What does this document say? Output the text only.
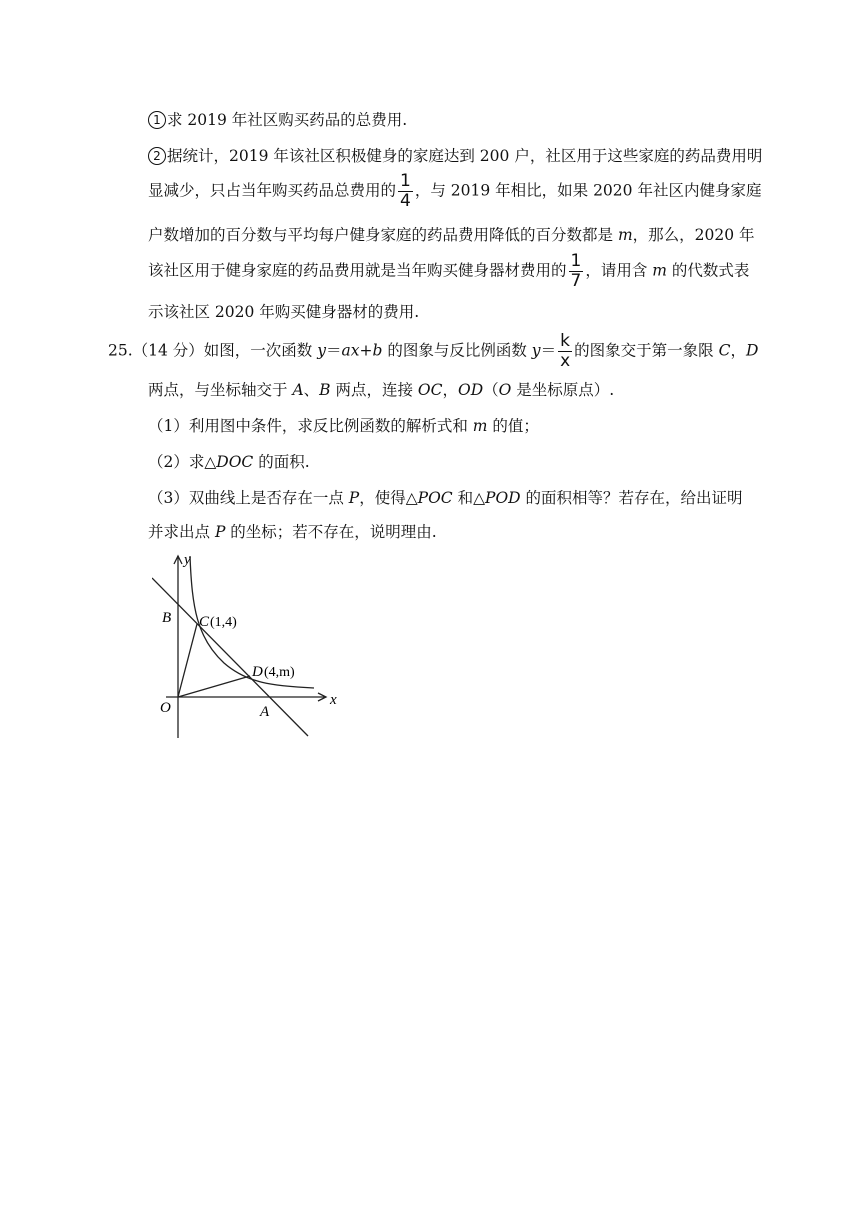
1 求 2019 年社区购买药品的总费用.
2 据统计，2019 年该社区积极健身的家庭达到 200 户，社区用于这些家庭的药品费用明
显减少，只占当年购买药品总费用的 $\frac{1}{4}$ ，与 2019 年相比，如果 2020 年社区内健身家庭
户数增加的百分数与平均每户健身家庭的药品费用降低的百分数都是 m，那么，2020 年
该社区用于健身家庭的药品费用就是当年购买健身器材费用的 $\frac{1}{7}$ ，请用含 m 的代数式表
示该社区 2020 年购买健身器材的费用.
25.（14 分）如图，一次函数 y＝ax+b 的图象与反比例函数 $y= \frac{k}{x}$ 的图象交于第一象限 C，D
两点，与坐标轴交于 A、B 两点，连接 OC，OD（O 是坐标原点）.
（1）利用图中条件，求反比例函数的解析式和 m 的值；
（2）求△DOC 的面积.
（3）双曲线上是否存在一点 P，使得△POC 和△POD 的面积相等？若存在，给出证明
并求出点 P 的坐标；若不存在，说明理由.
y
x
B
O	A
C (1,4)
D (4,m)
